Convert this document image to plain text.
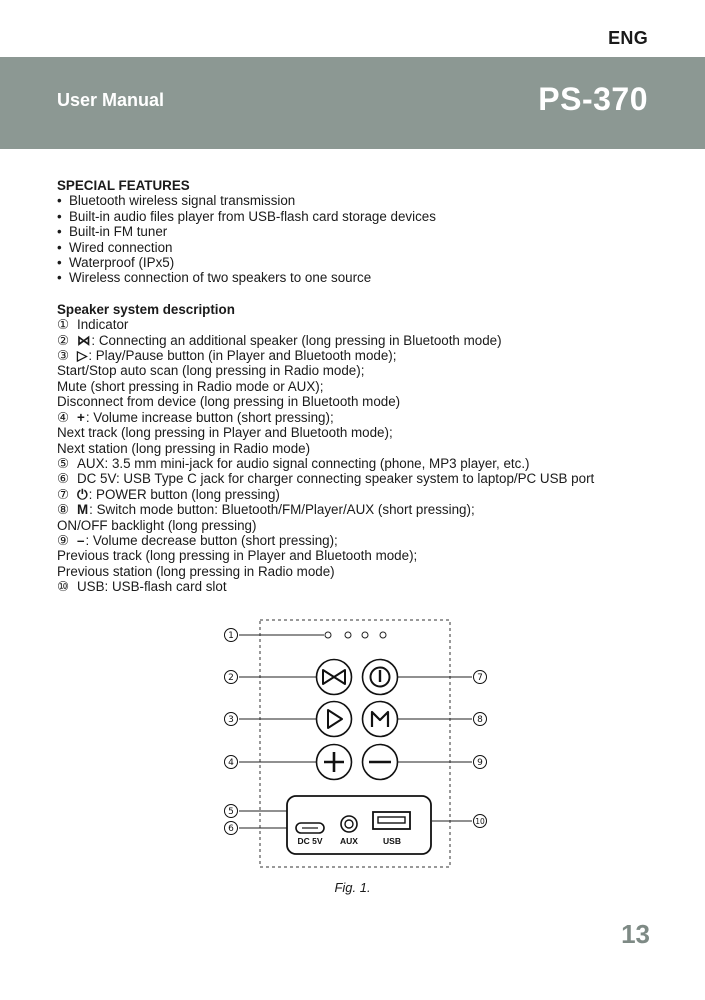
ENG
User Manual	PS-370
SPECIAL FEATURES
• Bluetooth wireless signal transmission
• Built-in audio files player from USB-flash card storage devices
• Built-in FM tuner
• Wired connection
• Waterproof (IPx5)
• Wireless connection of two speakers to one source
Speaker system description
① Indicator
② ⋈: Connecting an additional speaker (long pressing in Bluetooth mode)
③ ▷: Play/Pause button (in Player and Bluetooth mode);
Start/Stop auto scan (long pressing in Radio mode);
Mute (short pressing in Radio mode or AUX);
Disconnect from device (long pressing in Bluetooth mode)
④ +: Volume increase button (short pressing);
Next track (long pressing in Player and Bluetooth mode);
Next station (long pressing in Radio mode)
⑤ AUX: 3.5 mm mini-jack for audio signal connecting (phone, MP3 player, etc.)
⑥ DC 5V: USB Type C jack for charger connecting speaker system to laptop/PC USB port
⑦ ⏻: POWER button (long pressing)
⑧ M: Switch mode button: Bluetooth/FM/Player/AUX (short pressing);
ON/OFF backlight (long pressing)
⑨ –: Volume decrease button (short pressing);
Previous track (long pressing in Player and Bluetooth mode);
Previous station (long pressing in Radio mode)
⑩ USB: USB-flash card slot
1
2
3
4
5
6
7
8
9
10
DC 5V AUX	USB
Fig. 1.
13
